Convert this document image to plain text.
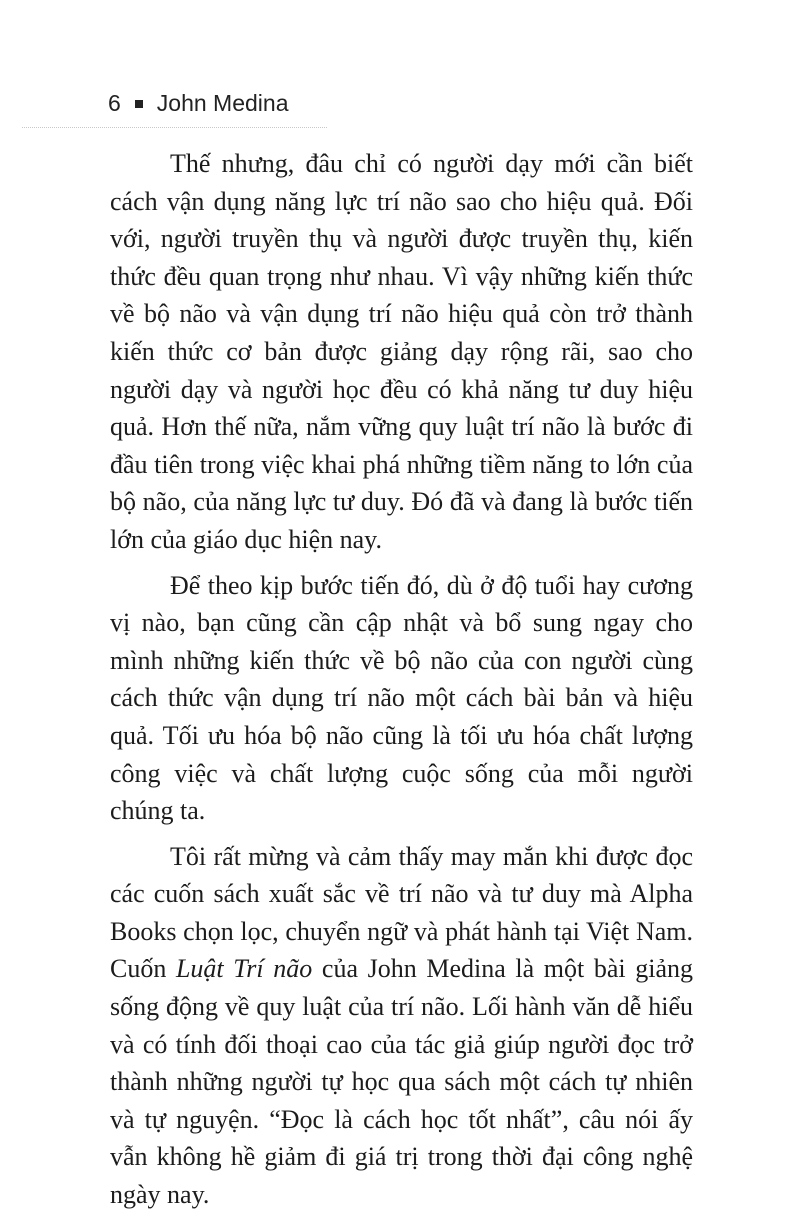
6 John Medina

Thế nhưng, đâu chỉ có người dạy mới cần biết cách vận dụng năng lực trí não sao cho hiệu quả. Đối với, người truyền thụ và người được truyền thụ, kiến thức đều quan trọng như nhau. Vì vậy những kiến thức về bộ não và vận dụng trí não hiệu quả còn trở thành kiến thức cơ bản được giảng dạy rộng rãi, sao cho người dạy và người học đều có khả năng tư duy hiệu quả. Hơn thế nữa, nắm vững quy luật trí não là bước đi đầu tiên trong việc khai phá những tiềm năng to lớn của bộ não, của năng lực tư duy. Đó đã và đang là bước tiến lớn của giáo dục hiện nay.

Để theo kịp bước tiến đó, dù ở độ tuổi hay cương vị nào, bạn cũng cần cập nhật và bổ sung ngay cho mình những kiến thức về bộ não của con người cùng cách thức vận dụng trí não một cách bài bản và hiệu quả. Tối ưu hóa bộ não cũng là tối ưu hóa chất lượng công việc và chất lượng cuộc sống của mỗi người chúng ta.

Tôi rất mừng và cảm thấy may mắn khi được đọc các cuốn sách xuất sắc về trí não và tư duy mà Alpha Books chọn lọc, chuyển ngữ và phát hành tại Việt Nam. Cuốn Luật Trí não của John Medina là một bài giảng sống động về quy luật của trí não. Lối hành văn dễ hiểu và có tính đối thoại cao của tác giả giúp người đọc trở thành những người tự học qua sách một cách tự nhiên và tự nguyện. “Đọc là cách học tốt nhất”, câu nói ấy vẫn không hề giảm đi giá trị trong thời đại công nghệ ngày nay.
